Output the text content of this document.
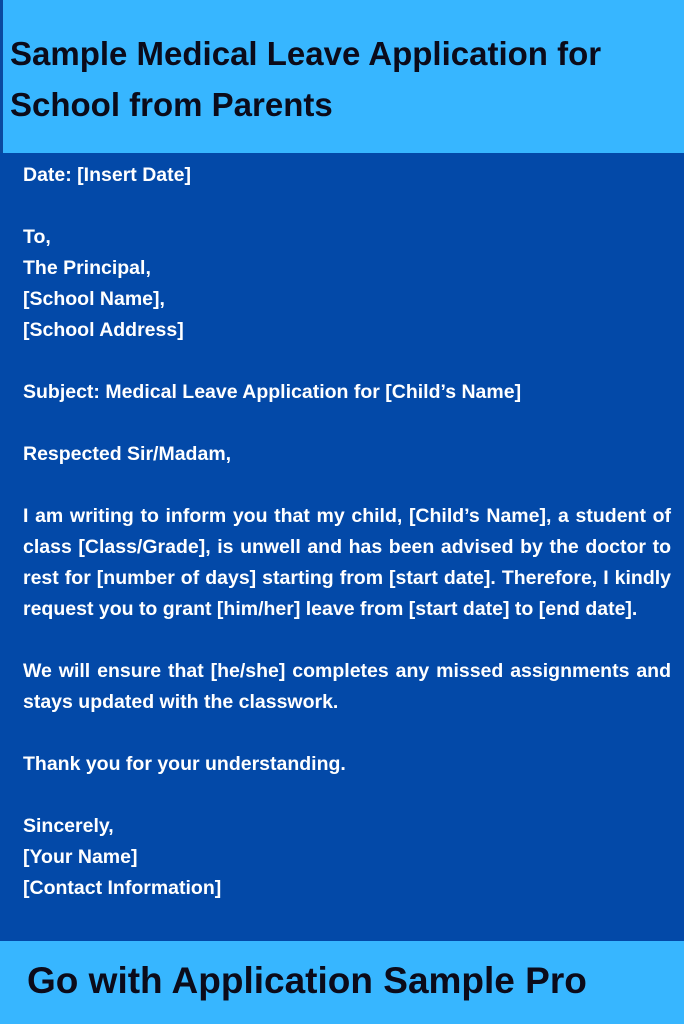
Sample Medical Leave Application for School from Parents

Date: [Insert Date]

To,
The Principal,
[School Name],
[School Address]

Subject: Medical Leave Application for [Child’s Name]

Respected Sir/Madam,

I am writing to inform you that my child, [Child’s Name], a student of class [Class/Grade], is unwell and has been advised by the doctor to rest for [number of days] starting from [start date]. Therefore, I kindly request you to grant [him/her] leave from [start date] to [end date].

We will ensure that [he/she] completes any missed assignments and stays updated with the classwork.

Thank you for your understanding.

Sincerely,
[Your Name]
[Contact Information]

Go with Application Sample Pro
